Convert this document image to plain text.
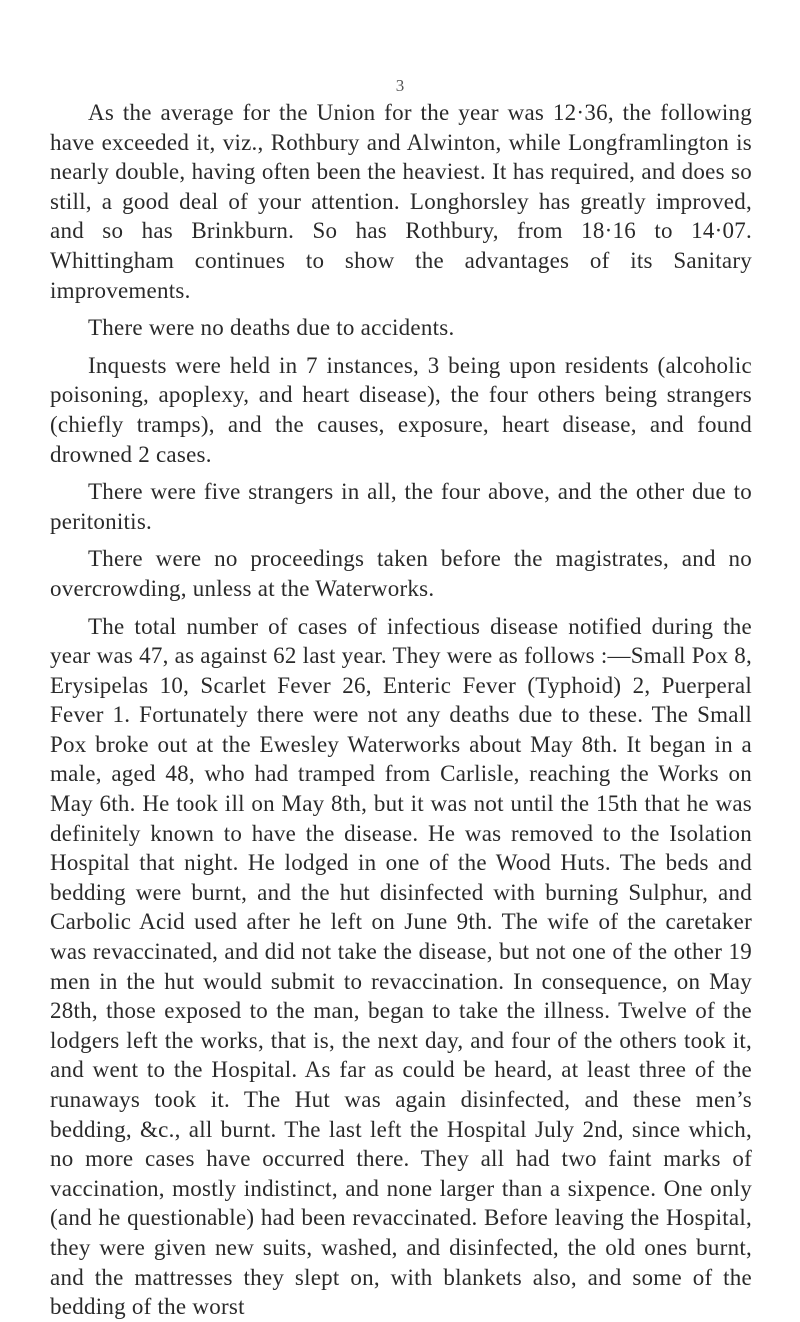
3

As the average for the Union for the year was 12·36, the following have exceeded it, viz., Rothbury and Alwinton, while Longframlington is nearly double, having often been the heaviest. It has required, and does so still, a good deal of your attention. Longhorsley has greatly improved, and so has Brinkburn. So has Rothbury, from 18·16 to 14·07. Whittingham continues to show the advantages of its Sanitary improvements.

There were no deaths due to accidents.

Inquests were held in 7 instances, 3 being upon residents (alcoholic poisoning, apoplexy, and heart disease), the four others being strangers (chiefly tramps), and the causes, exposure, heart disease, and found drowned 2 cases.

There were five strangers in all, the four above, and the other due to peritonitis.

There were no proceedings taken before the magistrates, and no overcrowding, unless at the Waterworks.

The total number of cases of infectious disease notified during the year was 47, as against 62 last year. They were as follows :—Small Pox 8, Erysipelas 10, Scarlet Fever 26, Enteric Fever (Typhoid) 2, Puerperal Fever 1. Fortunately there were not any deaths due to these. The Small Pox broke out at the Ewesley Waterworks about May 8th. It began in a male, aged 48, who had tramped from Carlisle, reaching the Works on May 6th. He took ill on May 8th, but it was not until the 15th that he was definitely known to have the disease. He was removed to the Isolation Hospital that night. He lodged in one of the Wood Huts. The beds and bedding were burnt, and the hut disinfected with burning Sulphur, and Carbolic Acid used after he left on June 9th. The wife of the caretaker was revaccinated, and did not take the disease, but not one of the other 19 men in the hut would submit to revaccination. In consequence, on May 28th, those exposed to the man, began to take the illness. Twelve of the lodgers left the works, that is, the next day, and four of the others took it, and went to the Hospital. As far as could be heard, at least three of the runaways took it. The Hut was again disinfected, and these men’s bedding, &c., all burnt. The last left the Hospital July 2nd, since which, no more cases have occurred there. They all had two faint marks of vaccination, mostly indistinct, and none larger than a sixpence. One only (and he questionable) had been revaccinated. Before leaving the Hospital, they were given new suits, washed, and disinfected, the old ones burnt, and the mattresses they slept on, with blankets also, and some of the bedding of the worst
